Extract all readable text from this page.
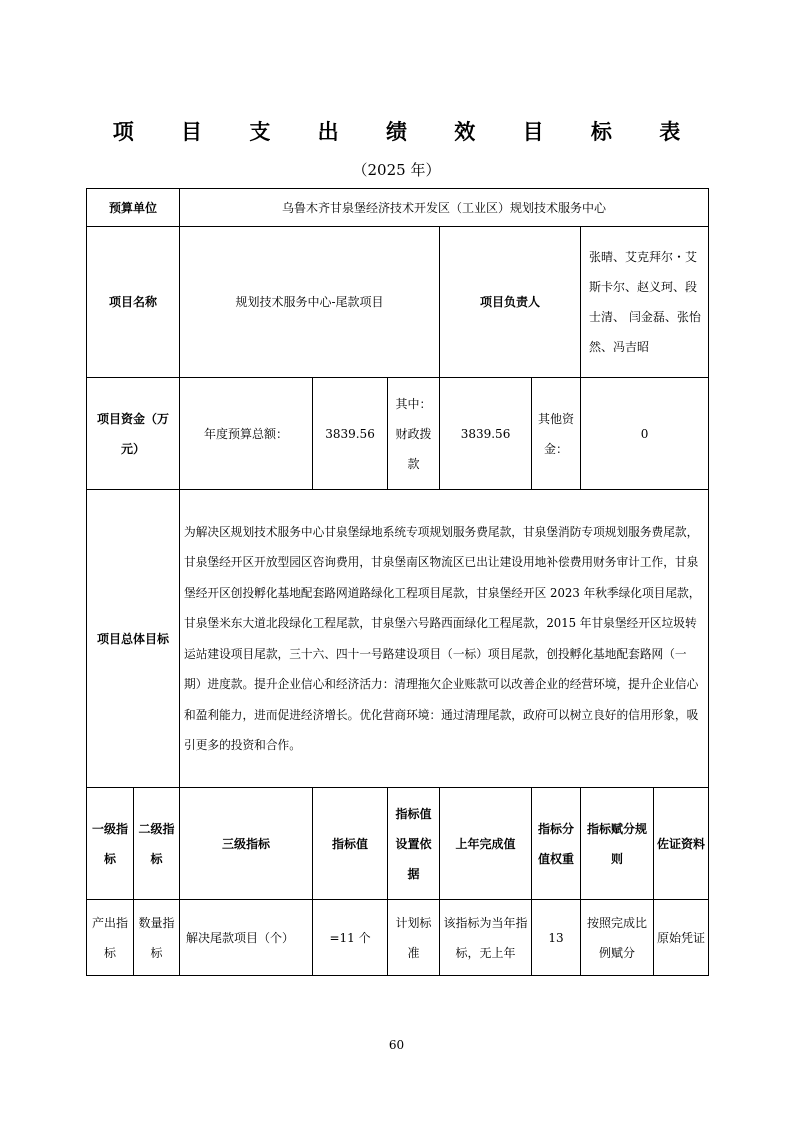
项 目 支 出 绩 效 目 标 表
（2025 年）
预算单位		乌鲁木齐甘泉堡经济技术开发区（工业区）规划技术服务中心						
项目名称		规划技术服务中心-尾款项目			项目负责人		张晴、艾克拜尔・艾斯卡尔、赵义珂、段士清、 闫金磊、张怡然、冯吉昭	
项目资金（万元）		年度预算总额：	3839.56	其中：财政拨款	3839.56	其他资金：	0	
项目总体目标		为解决区规划技术服务中心甘泉堡绿地系统专项规划服务费尾款，甘泉堡消防专项规划服务费尾款，甘泉堡经开区开放型园区咨询费用，甘泉堡南区物流区已出让建设用地补偿费用财务审计工作，甘泉堡经开区创投孵化基地配套路网道路绿化工程项目尾款，甘泉堡经开区 2023 年秋季绿化项目尾款，甘泉堡米东大道北段绿化工程尾款，甘泉堡六号路西面绿化工程尾款，2015 年甘泉堡经开区垃圾转运站建设项目尾款，三十六、四十一号路建设项目（一标）项目尾款，创投孵化基地配套路网（一期）进度款。提升企业信心和经济活力：清理拖欠企业账款可以改善企业的经营环境，提升企业信心和盈利能力，进而促进经济增长。优化营商环境：通过清理尾款，政府可以树立良好的信用形象，吸引更多的投资和合作。						
一级指标	二级指标	三级指标	指标值	指标值设置依据	上年完成值	指标分值权重	指标赋分规则	佐证资料
产出指标	数量指标	解决尾款项目（个）	=11 个	计划标准	该指标为当年指标，无上年	13	按照完成比例赋分	原始凭证
60
